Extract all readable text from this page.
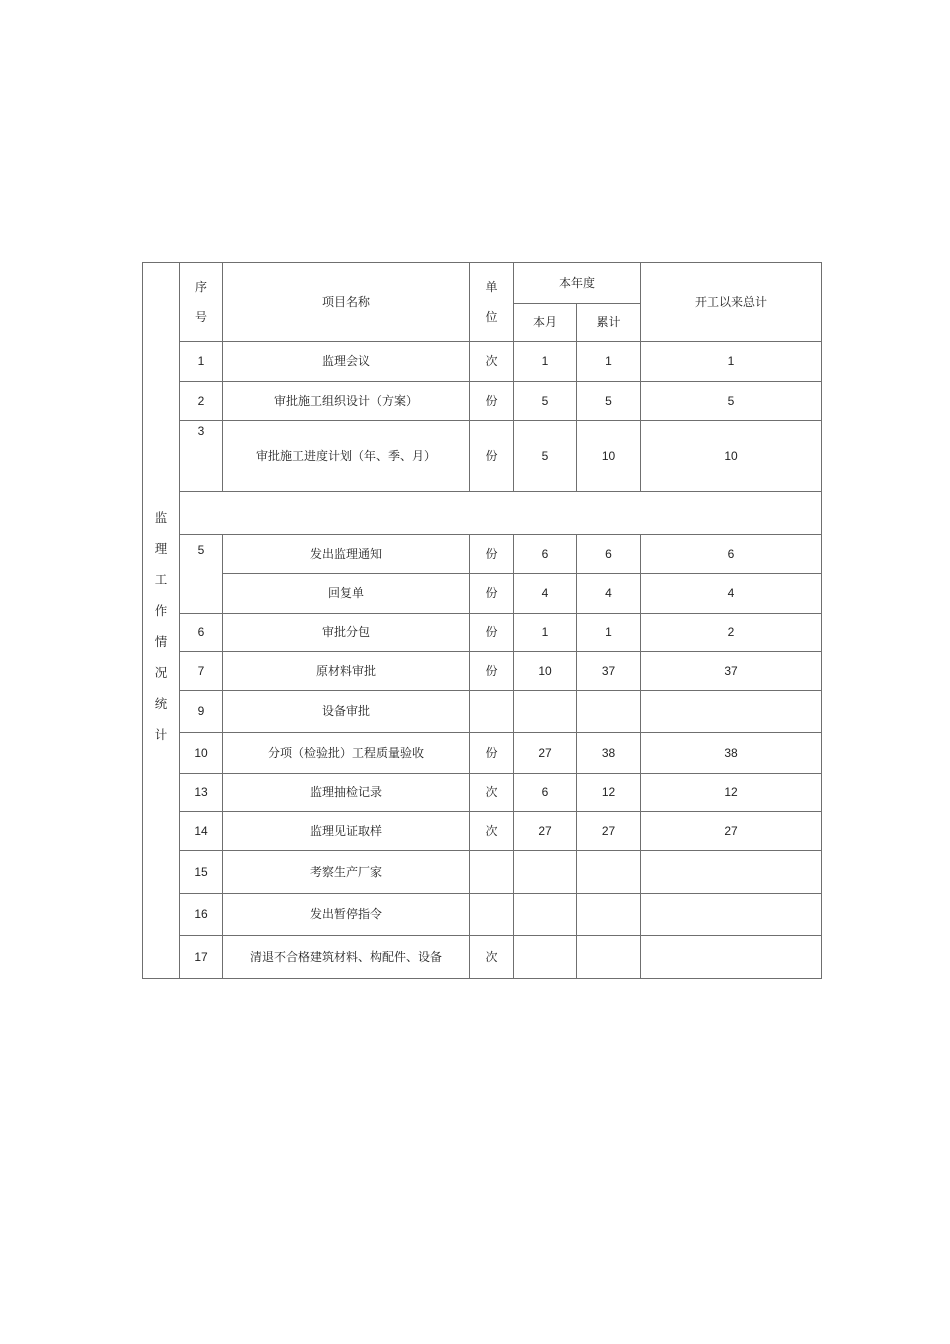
监理工作情况统计	序号	项目名称	单位	本年度		开工以来总计
				本月	累计	
	1	监理会议	次	1	1	1
	2	审批施工组织设计（方案）	份	5	5	5
	3	审批施工进度计划（年、季、月）	份	5	10	10

	5	发出监理通知	份	6	6	6
		回复单	份	4	4	4
	6	审批分包	份	1	1	2
	7	原材料审批	份	10	37	37
	9	设备审批				
	10	分项（检验批）工程质量验收	份	27	38	38
	13	监理抽检记录	次	6	12	12
	14	监理见证取样	次	27	27	27
	15	考察生产厂家				
	16	发出暂停指令				
	17	清退不合格建筑材料、构配件、设备	次			
